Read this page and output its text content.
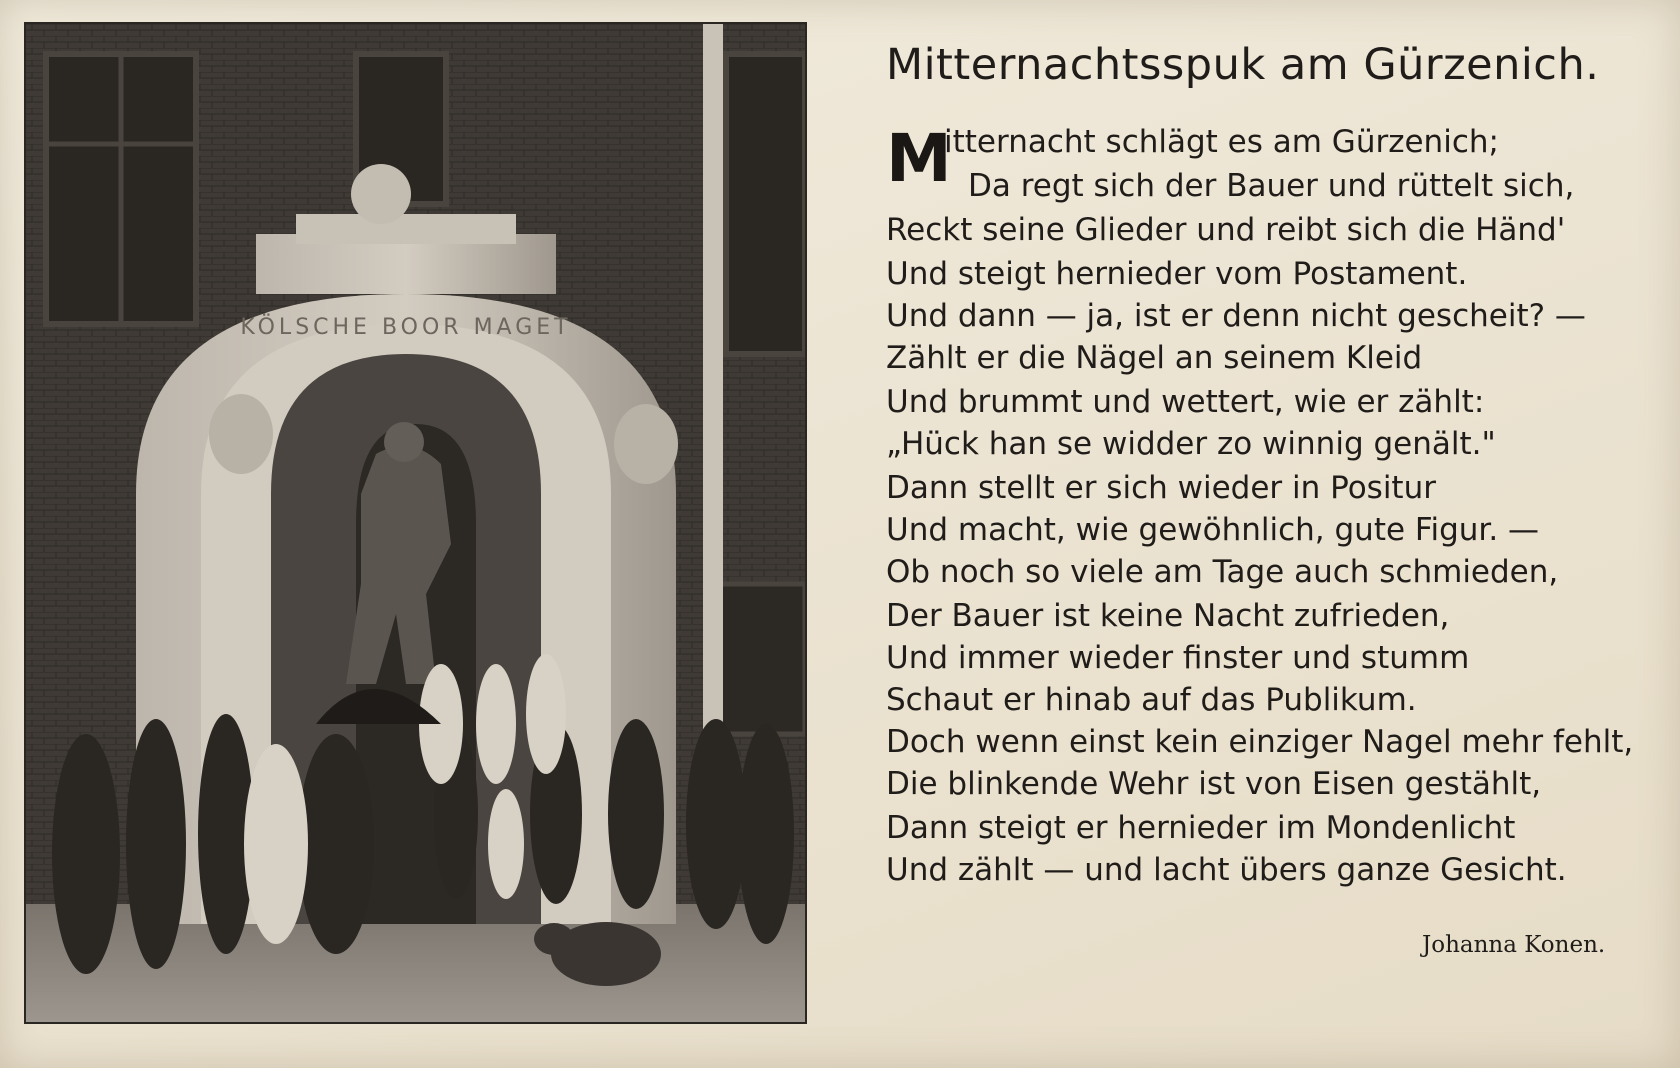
KÖLSCHE BOOR MAGET
Mitternachtsspuk am Gürzenich.
M
itternacht schlägt es am Gürzenich;
Da regt sich der Bauer und rüttelt sich,
Reckt seine Glieder und reibt sich die Händ'
Und steigt hernieder vom Postament.
Und dann — ja, ist er denn nicht gescheit? —
Zählt er die Nägel an seinem Kleid
Und brummt und wettert, wie er zählt:
„Hück han se widder zo winnig genält."
Dann stellt er sich wieder in Positur
Und macht, wie gewöhnlich, gute Figur. —
Ob noch so viele am Tage auch schmieden,
Der Bauer ist keine Nacht zufrieden,
Und immer wieder finster und stumm
Schaut er hinab auf das Publikum.
Doch wenn einst kein einziger Nagel mehr fehlt,
Die blinkende Wehr ist von Eisen gestählt,
Dann steigt er hernieder im Mondenlicht
Und zählt — und lacht übers ganze Gesicht.
Johanna Konen.
